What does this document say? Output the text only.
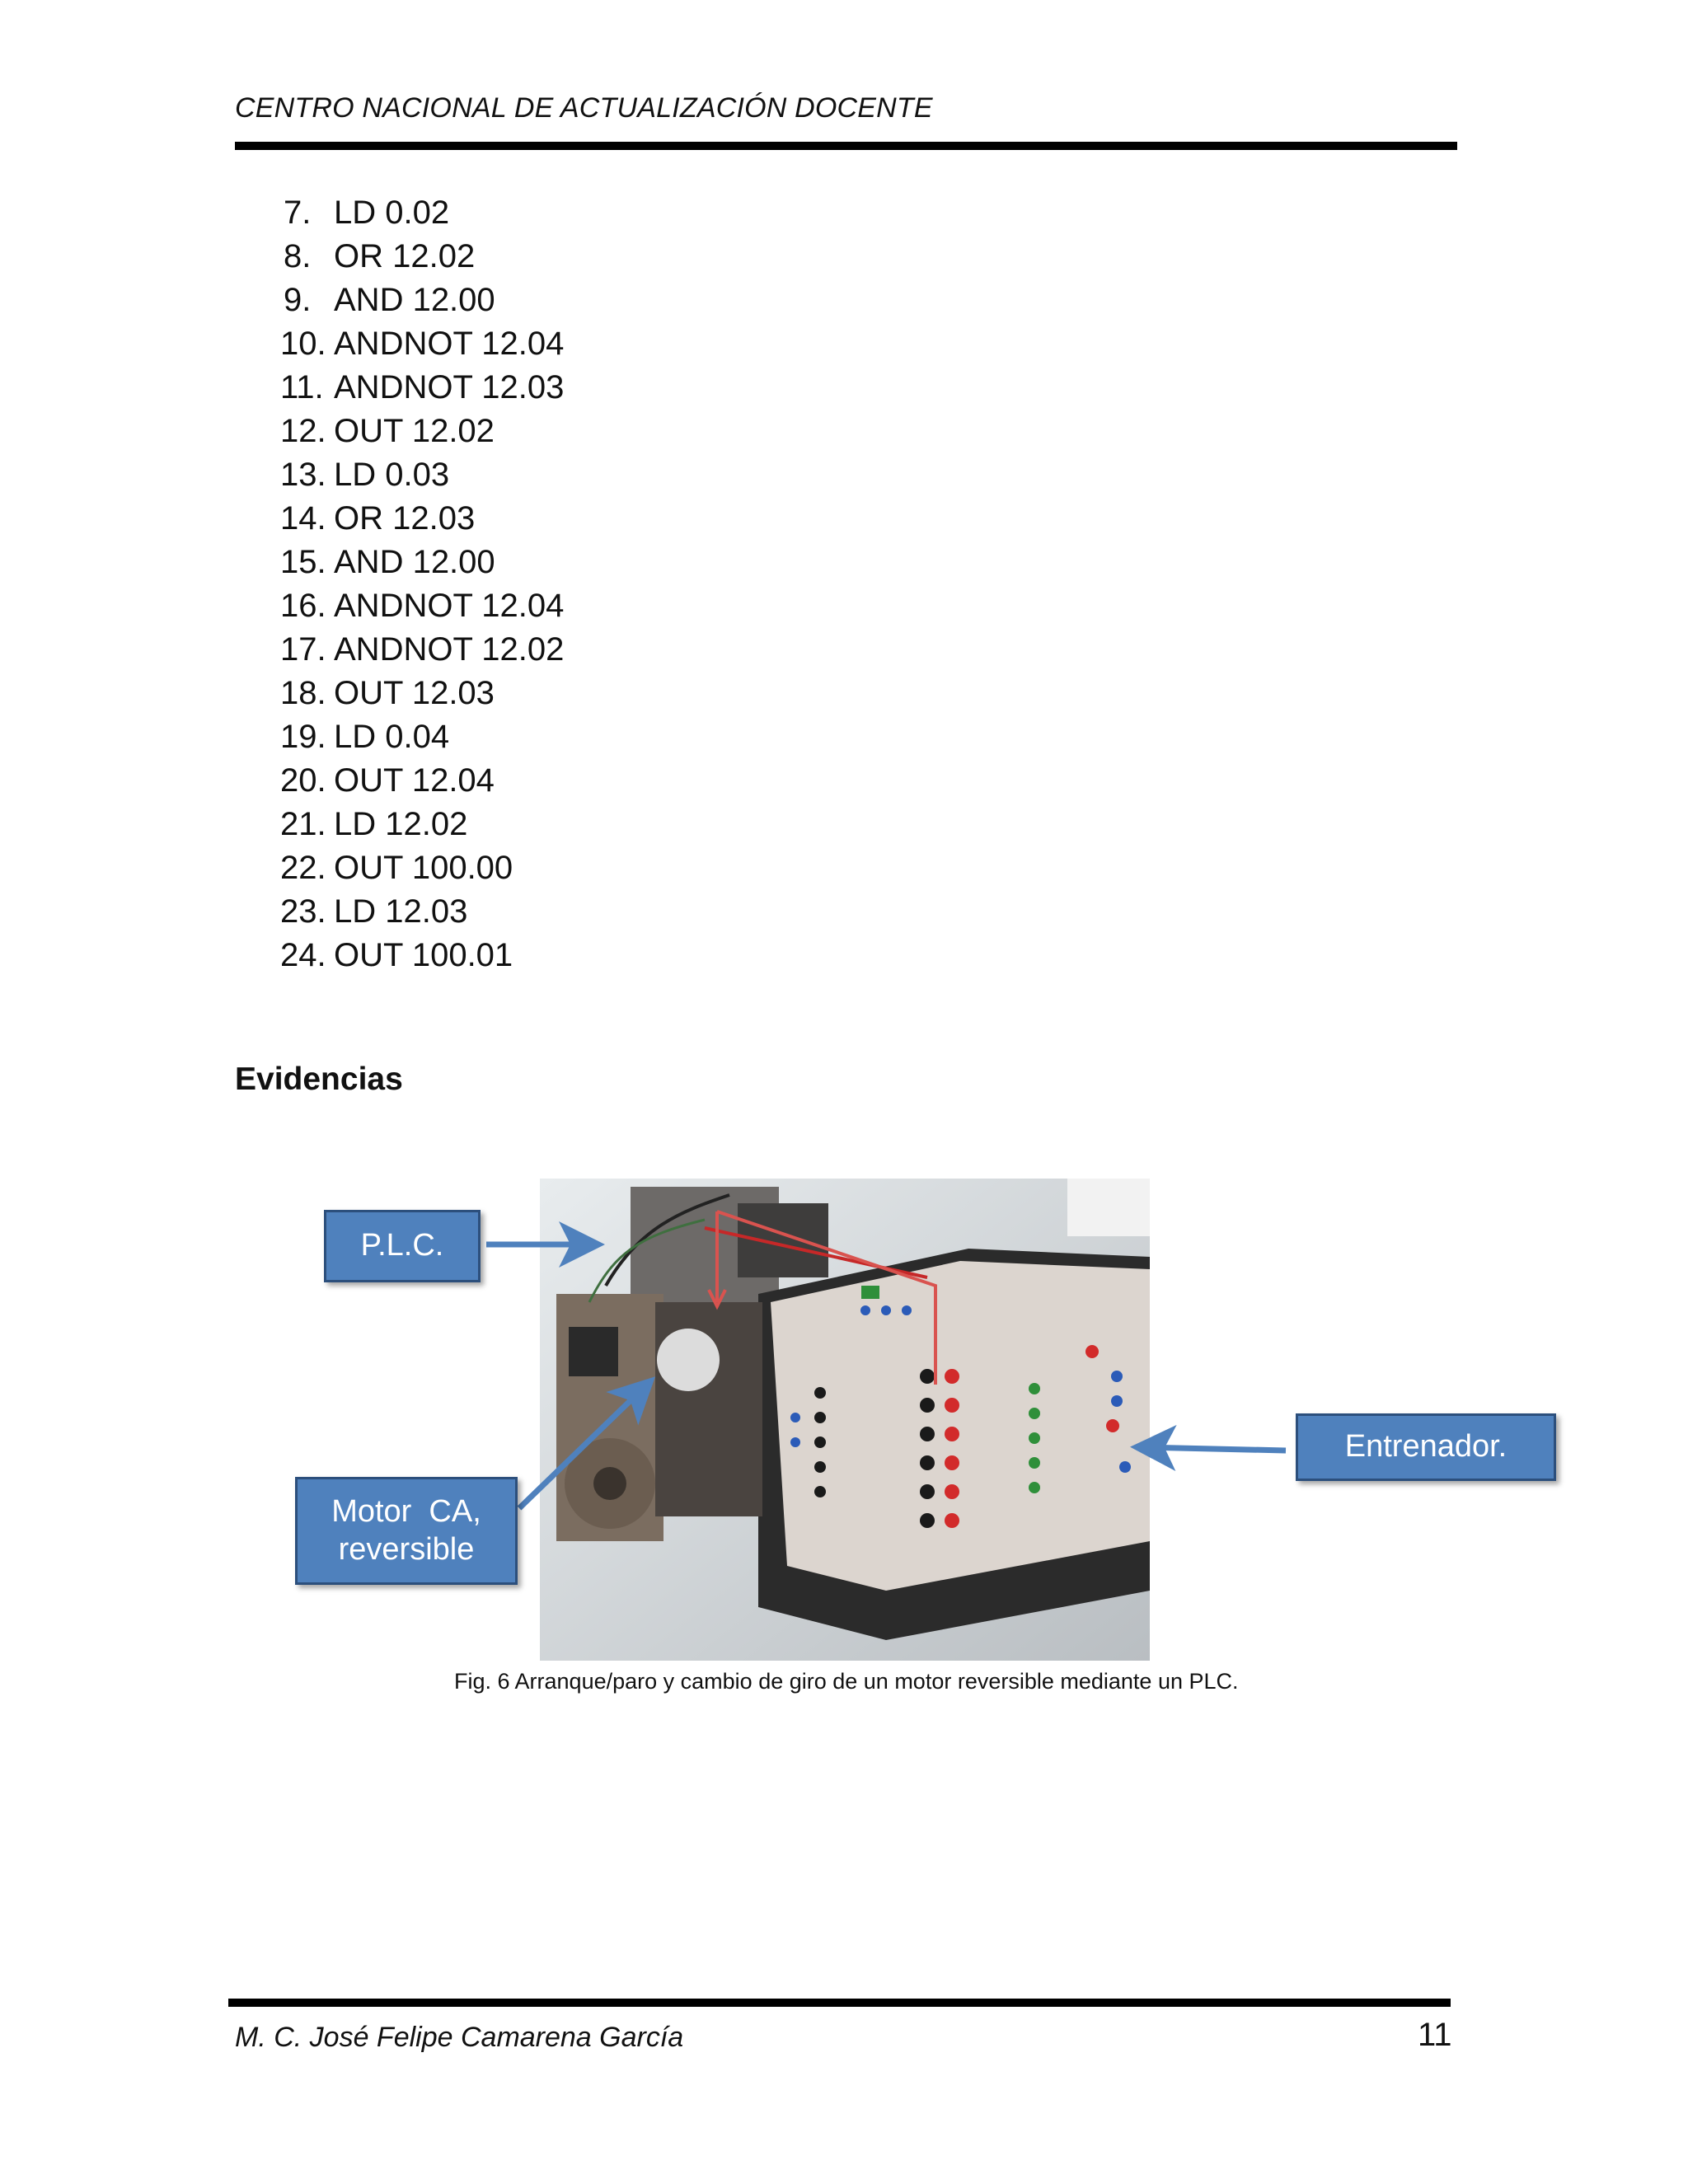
CENTRO NACIONAL DE ACTUALIZACIÓN DOCENTE
7. LD 0.02
8. OR 12.02
9. AND 12.00
10. ANDNOT 12.04
11. ANDNOT 12.03
12. OUT 12.02
13. LD 0.03
14. OR 12.03
15. AND 12.00
16. ANDNOT 12.04
17. ANDNOT 12.02
18. OUT 12.03
19. LD 0.04
20. OUT 12.04
21. LD 12.02
22. OUT 100.00
23. LD 12.03
24. OUT 100.01
Evidencias
P.L.C.
Entrenador.
Motor  CA,
reversible
Fig. 6 Arranque/paro y cambio de giro de un motor reversible mediante un PLC.
M. C. José Felipe Camarena García	11
